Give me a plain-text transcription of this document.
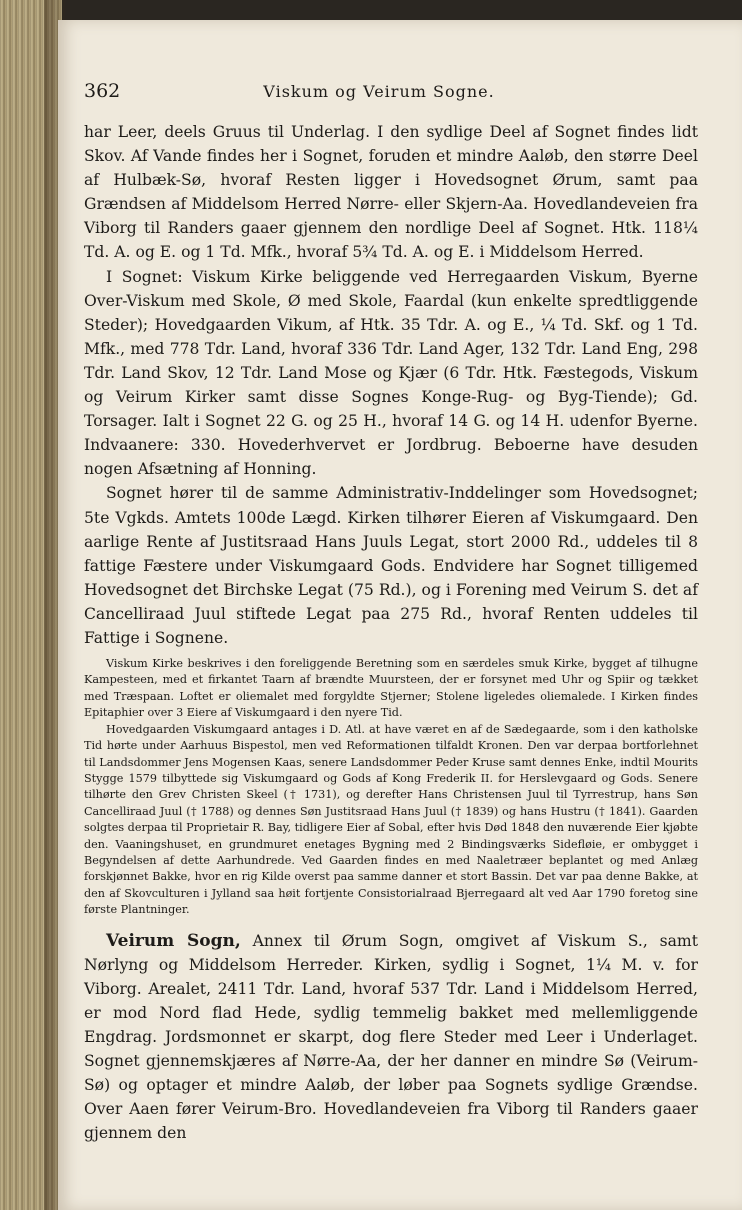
362	Viskum og Veirum Sogne.

har Leer, deels Gruus til Underlag. I den sydlige Deel af Sognet findes lidt Skov. Af Vande findes her i Sognet, foruden et mindre Aaløb, den større Deel af Hulbæk-Sø, hvoraf Resten ligger i Hovedsognet Ørum, samt paa Grændsen af Middelsom Herred Nørre- eller Skjern-Aa. Hovedlandeveien fra Viborg til Randers gaaer gjennem den nordlige Deel af Sognet. Htk. 118¼ Td. A. og E. og 1 Td. Mfk., hvoraf 5¾ Td. A. og E. i Middelsom Herred.

I Sognet: Viskum Kirke beliggende ved Herregaarden Viskum, Byerne Over-Viskum med Skole, Ø med Skole, Faardal (kun enkelte spredtliggende Steder); Hovedgaarden Vikum, af Htk. 35 Tdr. A. og E., ¼ Td. Skf. og 1 Td. Mfk., med 778 Tdr. Land, hvoraf 336 Tdr. Land Ager, 132 Tdr. Land Eng, 298 Tdr. Land Skov, 12 Tdr. Land Mose og Kjær (6 Tdr. Htk. Fæstegods, Viskum og Veirum Kirker samt disse Sognes Konge-Rug- og Byg-Tiende); Gd. Torsager. Ialt i Sognet 22 G. og 25 H., hvoraf 14 G. og 14 H. udenfor Byerne. Indvaanere: 330. Hovederhvervet er Jordbrug. Beboerne have desuden nogen Afsætning af Honning.

Sognet hører til de samme Administrativ-Inddelinger som Hovedsognet; 5te Vgkds. Amtets 100de Lægd. Kirken tilhører Eieren af Viskumgaard. Den aarlige Rente af Justitsraad Hans Juuls Legat, stort 2000 Rd., uddeles til 8 fattige Fæstere under Viskumgaard Gods. Endvidere har Sognet tilligemed Hovedsognet det Birchske Legat (75 Rd.), og i Forening med Veirum S. det af Cancelliraad Juul stiftede Legat paa 275 Rd., hvoraf Renten uddeles til Fattige i Sognene.

Viskum Kirke beskrives i den foreliggende Beretning som en særdeles smuk Kirke, bygget af tilhugne Kampesteen, med et firkantet Taarn af brændte Muursteen, der er forsynet med Uhr og Spiir og tækket med Træspaan. Loftet er oliemalet med forgyldte Stjerner; Stolene ligeledes oliemalede. I Kirken findes Epitaphier over 3 Eiere af Viskumgaard i den nyere Tid.

Hovedgaarden Viskumgaard antages i D. Atl. at have været en af de Sædegaarde, som i den katholske Tid hørte under Aarhuus Bispestol, men ved Reformationen tilfaldt Kronen. Den var derpaa bortforlehnet til Landsdommer Jens Mogensen Kaas, senere Landsdommer Peder Kruse samt dennes Enke, indtil Mourits Stygge 1579 tilbyttede sig Viskumgaard og Gods af Kong Frederik II. for Herslevgaard og Gods. Senere tilhørte den Grev Christen Skeel († 1731), og derefter Hans Christensen Juul til Tyrrestrup, hans Søn Cancelliraad Juul († 1788) og dennes Søn Justitsraad Hans Juul († 1839) og hans Hustru († 1841). Gaarden solgtes derpaa til Proprietair R. Bay, tidligere Eier af Sobal, efter hvis Død 1848 den nuværende Eier kjøbte den. Vaaningshuset, en grundmuret enetages Bygning med 2 Bindingsværks Sidefløie, er ombygget i Begyndelsen af dette Aarhundrede. Ved Gaarden findes en med Naaletræer beplantet og med Anlæg forskjønnet Bakke, hvor en rig Kilde overst paa samme danner et stort Bassin. Det var paa denne Bakke, at den af Skovculturen i Jylland saa høit fortjente Consistorialraad Bjerregaard alt ved Aar 1790 foretog sine første Plantninger.

Veirum Sogn, Annex til Ørum Sogn, omgivet af Viskum S., samt Nørlyng og Middelsom Herreder. Kirken, sydlig i Sognet, 1¼ M. v. for Viborg. Arealet, 2411 Tdr. Land, hvoraf 537 Tdr. Land i Middelsom Herred, er mod Nord flad Hede, sydlig temmelig bakket med mellemliggende Engdrag. Jordsmonnet er skarpt, dog flere Steder med Leer i Underlaget. Sognet gjennemskjæres af Nørre-Aa, der her danner en mindre Sø (Veirum-Sø) og optager et mindre Aaløb, der løber paa Sognets sydlige Grændse. Over Aaen fører Veirum-Bro. Hovedlandeveien fra Viborg til Randers gaaer gjennem den
